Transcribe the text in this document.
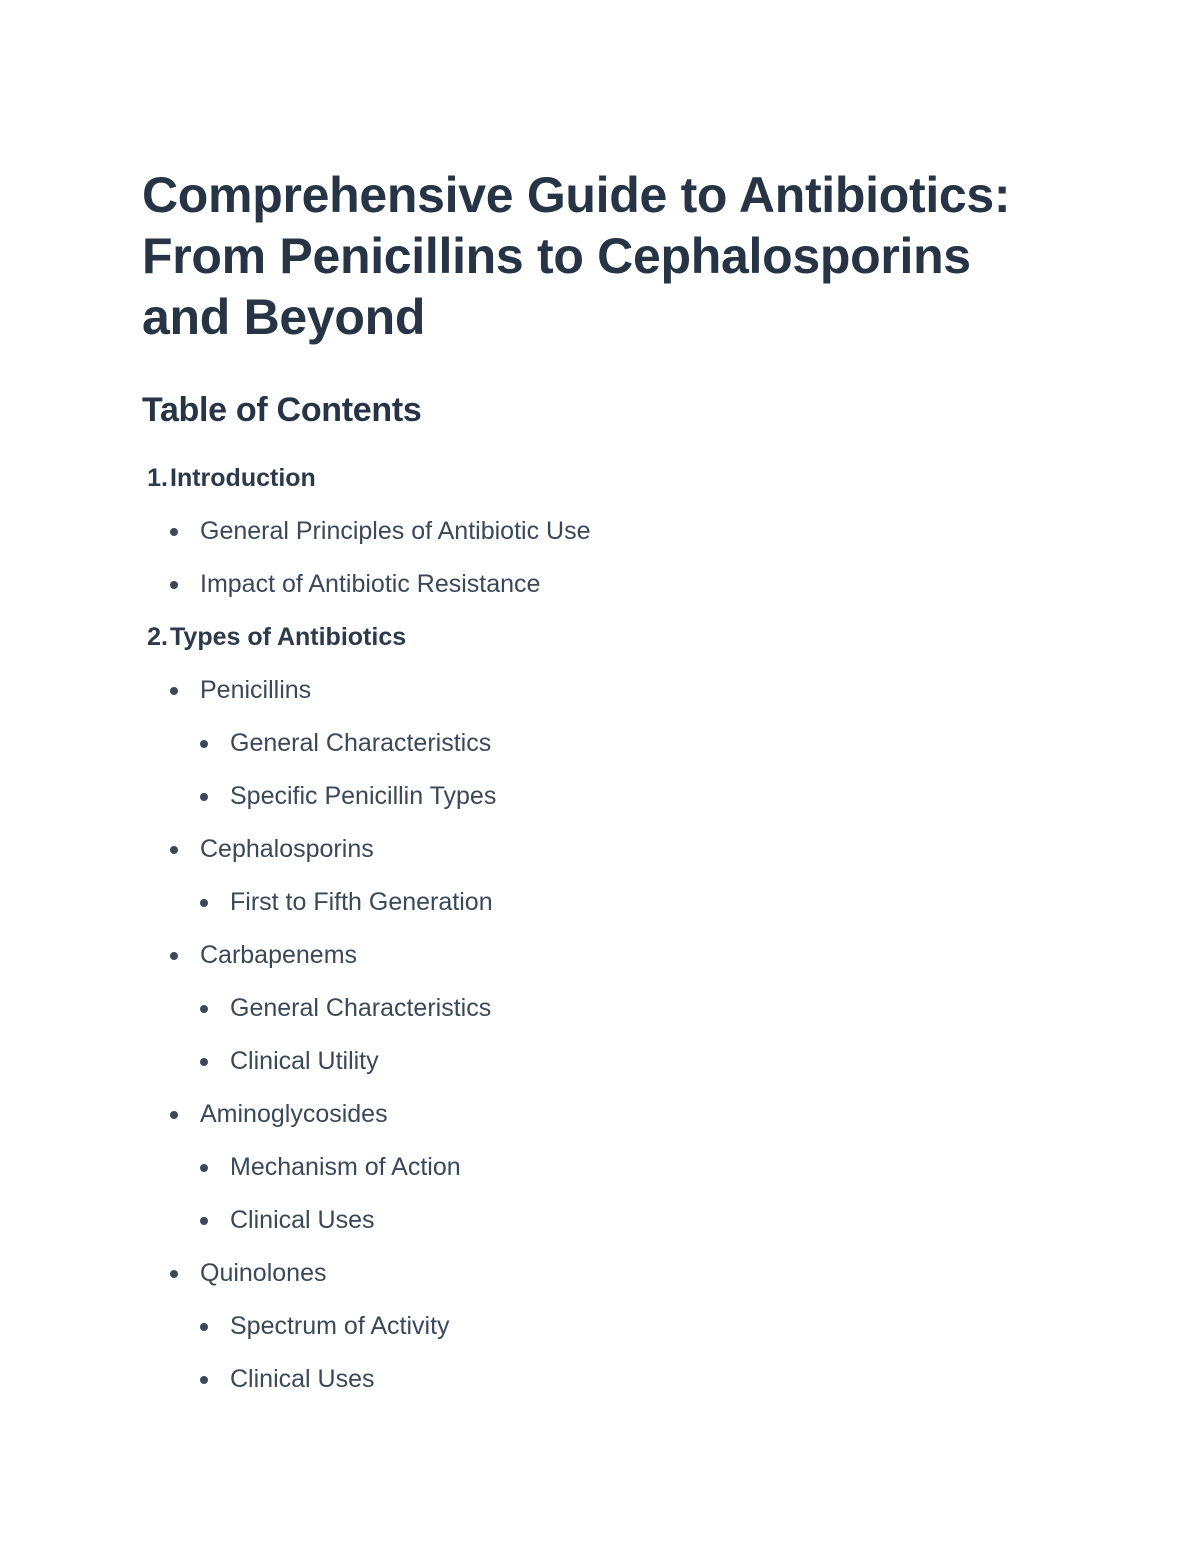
Comprehensive Guide to Antibiotics: From Penicillins to Cephalosporins and Beyond
Table of Contents
1. Introduction
General Principles of Antibiotic Use
Impact of Antibiotic Resistance
2. Types of Antibiotics
Penicillins
General Characteristics
Specific Penicillin Types
Cephalosporins
First to Fifth Generation
Carbapenems
General Characteristics
Clinical Utility
Aminoglycosides
Mechanism of Action
Clinical Uses
Quinolones
Spectrum of Activity
Clinical Uses
